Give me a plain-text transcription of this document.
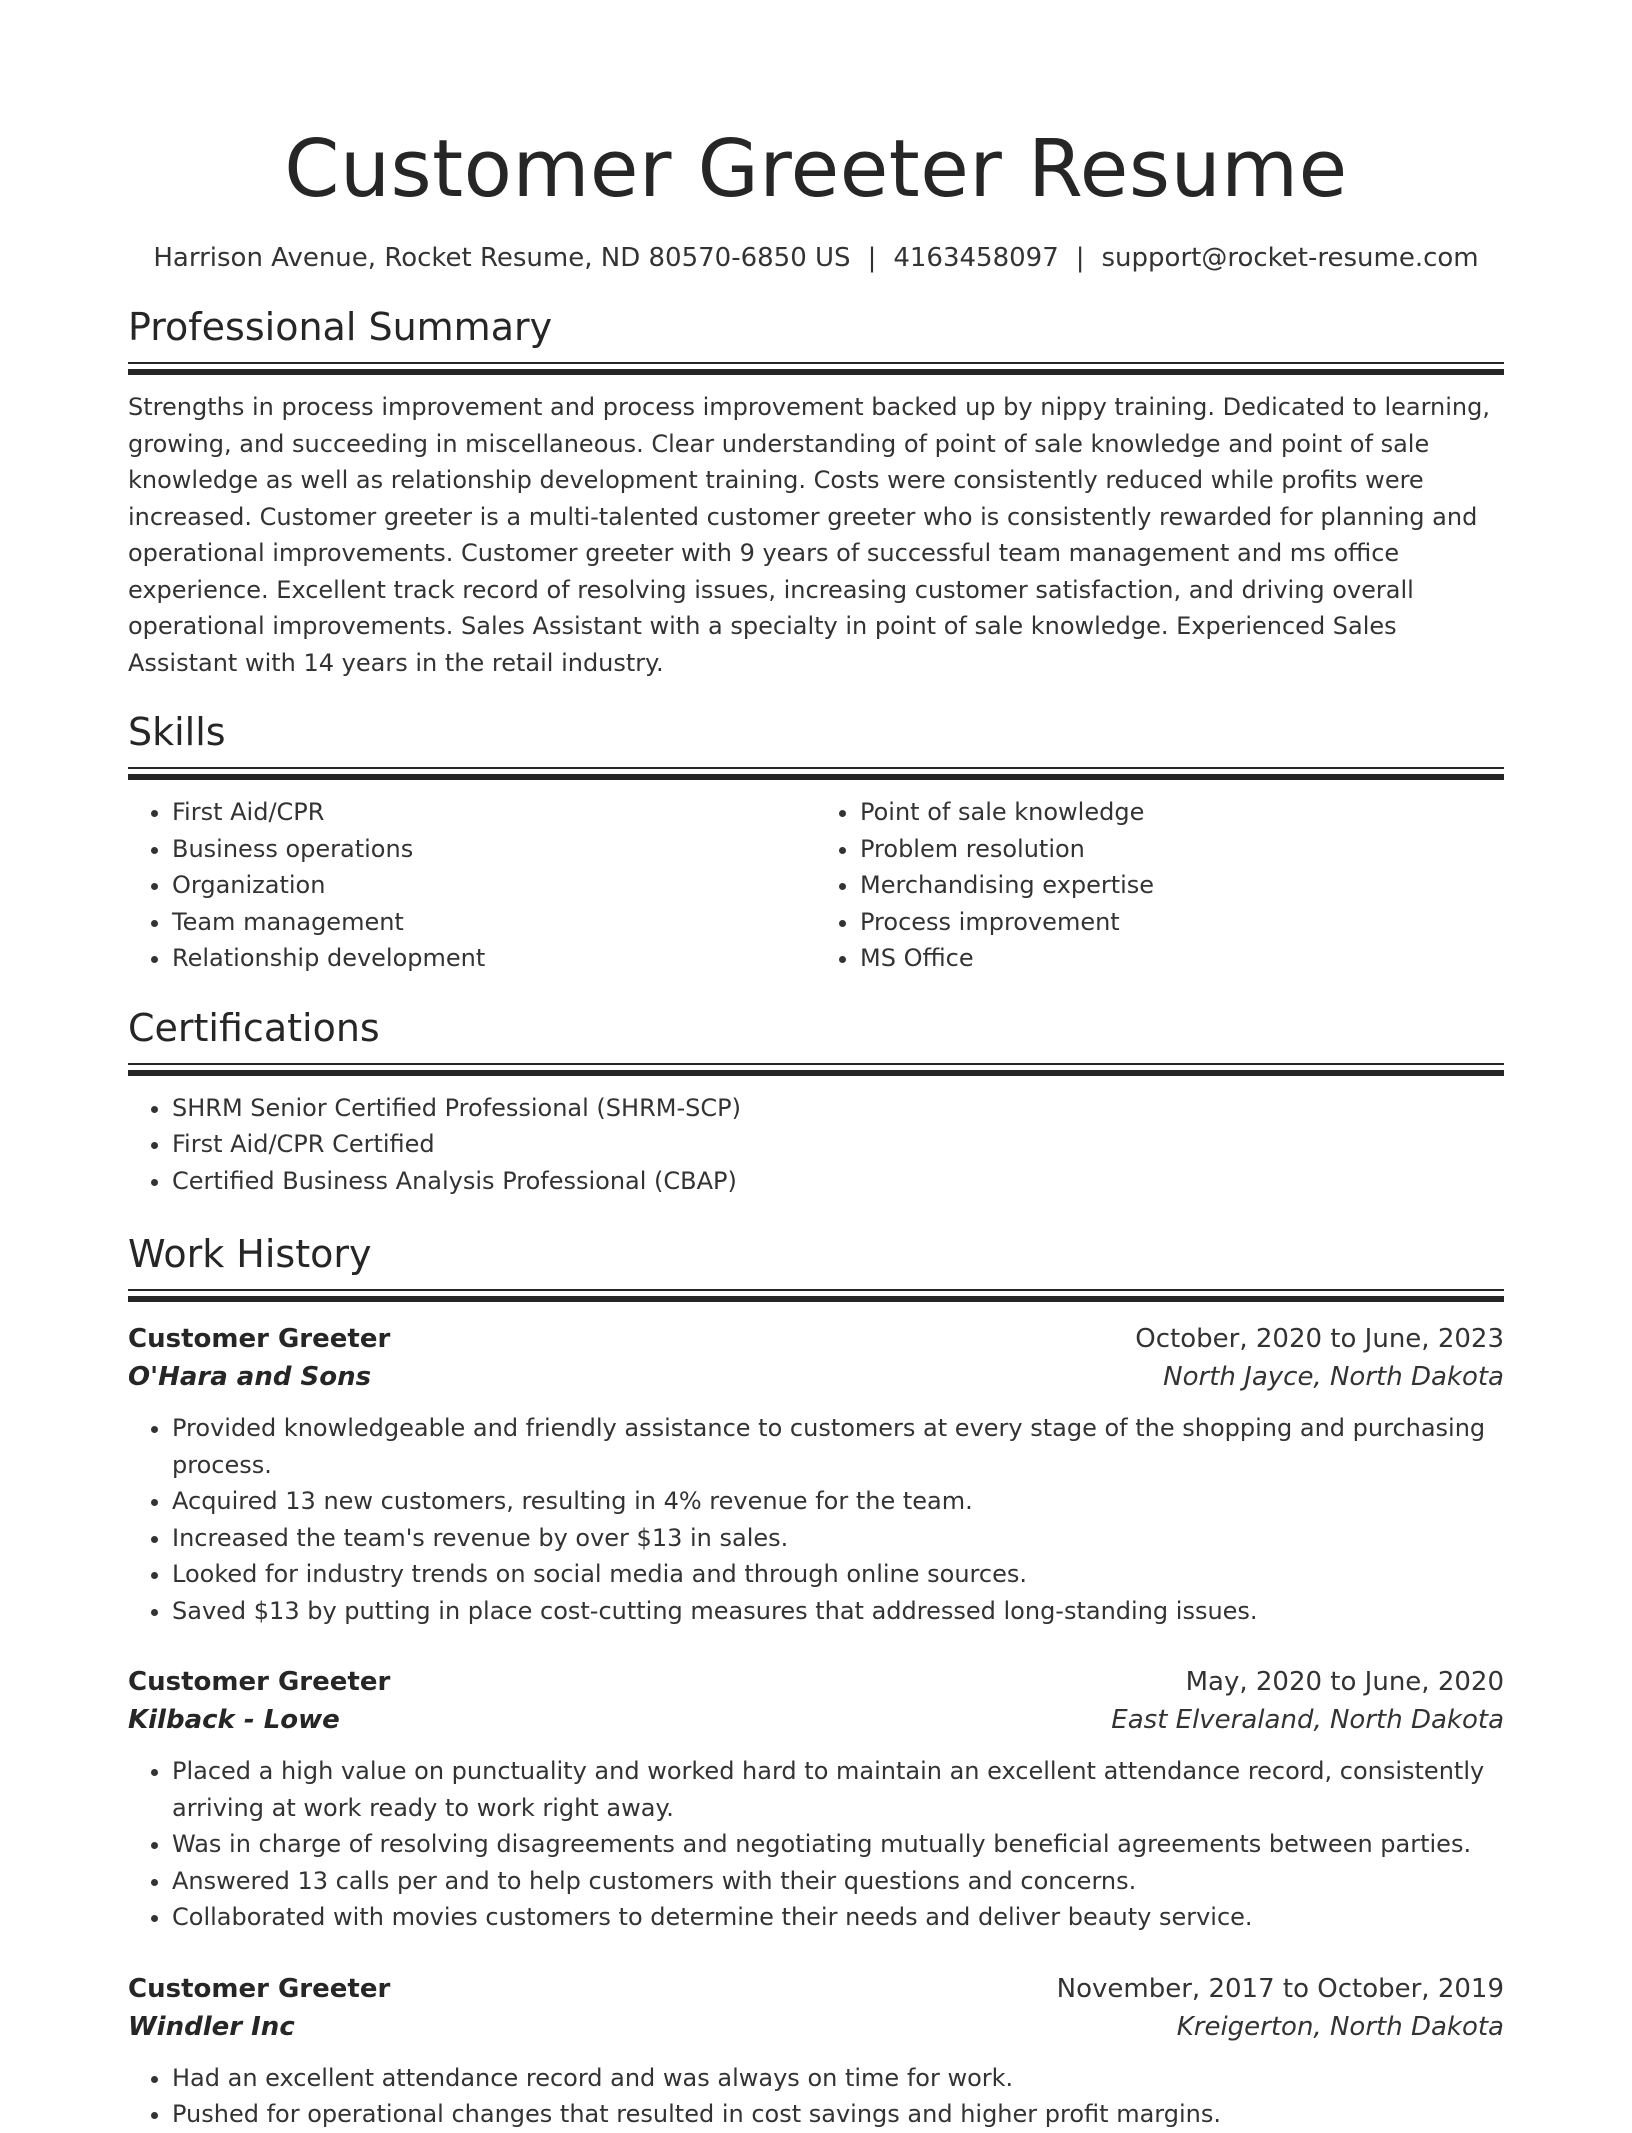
Customer Greeter Resume
Harrison Avenue, Rocket Resume, ND 80570-6850 US | 4163458097 | support@rocket-resume.com
Professional Summary

Strengths in process improvement and process improvement backed up by nippy training. Dedicated to learning, growing, and succeeding in miscellaneous. Clear understanding of point of sale knowledge and point of sale knowledge as well as relationship development training. Costs were consistently reduced while profits were increased. Customer greeter is a multi-talented customer greeter who is consistently rewarded for planning and operational improvements. Customer greeter with 9 years of successful team management and ms office experience. Excellent track record of resolving issues, increasing customer satisfaction, and driving overall operational improvements. Sales Assistant with a specialty in point of sale knowledge. Experienced Sales Assistant with 14 years in the retail industry.

Skills
• First Aid/CPR
• Business operations
• Organization
• Team management
• Relationship development
• Point of sale knowledge
• Problem resolution
• Merchandising expertise
• Process improvement
• MS Office
Certifications
• SHRM Senior Certified Professional (SHRM-SCP)
• First Aid/CPR Certified
• Certified Business Analysis Professional (CBAP)
Work History
Customer Greeter	October, 2020 to June, 2023
O'Hara and Sons	North Jayce, North Dakota
• Provided knowledgeable and friendly assistance to customers at every stage of the shopping and purchasing process.
• Acquired 13 new customers, resulting in 4% revenue for the team.
• Increased the team's revenue by over $13 in sales.
• Looked for industry trends on social media and through online sources.
• Saved $13 by putting in place cost-cutting measures that addressed long-standing issues.
Customer Greeter	May, 2020 to June, 2020
Kilback - Lowe	East Elveraland, North Dakota
• Placed a high value on punctuality and worked hard to maintain an excellent attendance record, consistently arriving at work ready to work right away.
• Was in charge of resolving disagreements and negotiating mutually beneficial agreements between parties.
• Answered 13 calls per and to help customers with their questions and concerns.
• Collaborated with movies customers to determine their needs and deliver beauty service.
Customer Greeter	November, 2017 to October, 2019
Windler Inc	Kreigerton, North Dakota
• Had an excellent attendance record and was always on time for work.
• Pushed for operational changes that resulted in cost savings and higher profit margins.
